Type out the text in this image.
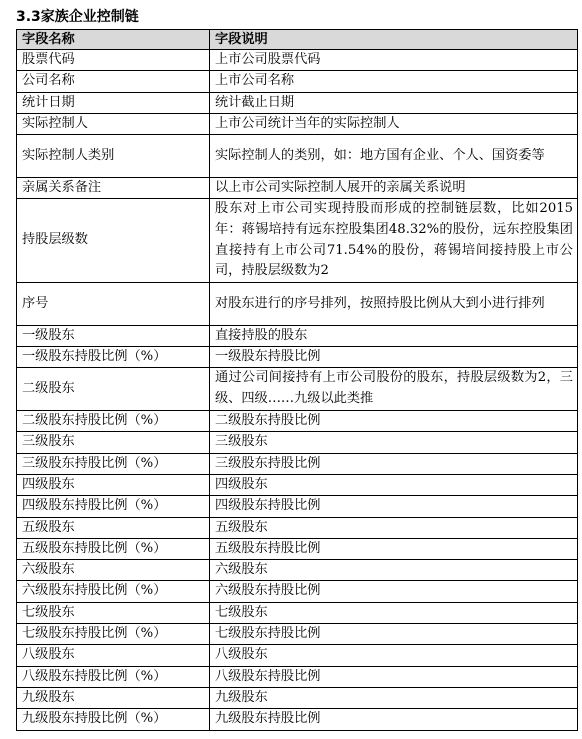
3.3家族企业控制链
字段名称	字段说明
股票代码	上市公司股票代码
公司名称	上市公司名称
统计日期	统计截止日期
实际控制人	上市公司统计当年的实际控制人
实际控制人类别	实际控制人的类别，如：地方国有企业、个人、国资委等
亲属关系备注	以上市公司实际控制人展开的亲属关系说明
持股层级数	股东对上市公司实现持股而形成的控制链层数，比如2015年：蒋锡培持有远东控股集团48.32%的股份，远东控股集团直接持有上市公司71.54%的股份，蒋锡培间接持股上市公司，持股层级数为2
序号	对股东进行的序号排列，按照持股比例从大到小进行排列
一级股东	直接持股的股东
一级股东持股比例（%）	一级股东持股比例
二级股东	通过公司间接持有上市公司股份的股东，持股层级数为2，三级、四级……九级以此类推
二级股东持股比例（%）	二级股东持股比例
三级股东	三级股东
三级股东持股比例（%）	三级股东持股比例
四级股东	四级股东
四级股东持股比例（%）	四级股东持股比例
五级股东	五级股东
五级股东持股比例（%）	五级股东持股比例
六级股东	六级股东
六级股东持股比例（%）	六级股东持股比例
七级股东	七级股东
七级股东持股比例（%）	七级股东持股比例
八级股东	八级股东
八级股东持股比例（%）	八级股东持股比例
九级股东	九级股东
九级股东持股比例（%）	九级股东持股比例
